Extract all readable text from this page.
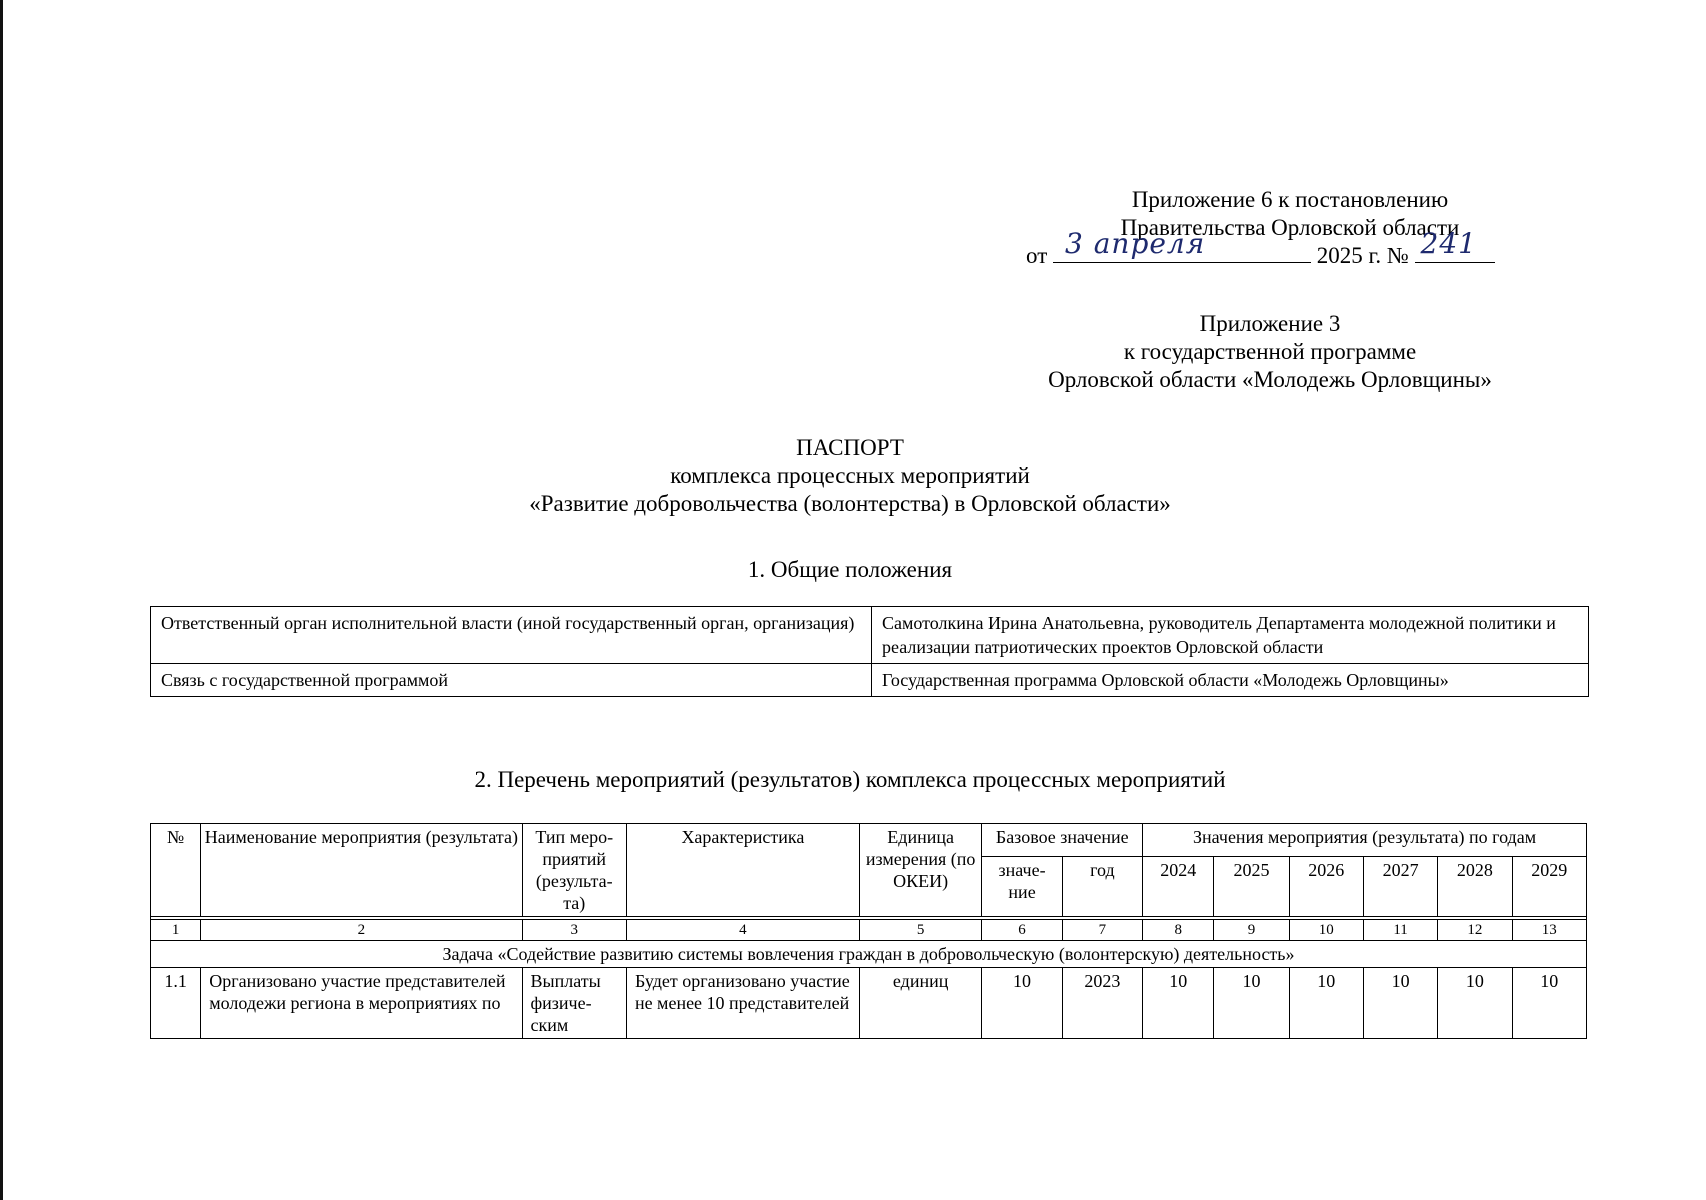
Приложение 6 к постановлению
Правительства Орловской области
от 3 апреля	2025 г. № 241
Приложение 3
к государственной программе
Орловской области «Молодежь Орловщины»
ПАСПОРТ
комплекса процессных мероприятий
«Развитие добровольчества (волонтерства) в Орловской области»
1. Общие положения
Ответственный орган исполнительной власти (иной государственный орган, организация)	Самотолкина Ирина Анатольевна, руководитель Департамента молодежной политики и реализации патриотических проектов Орловской области
Связь с государственной программой	Государственная программа Орловской области «Молодежь Орловщины»
2. Перечень мероприятий (результатов) комплекса процессных мероприятий
№	Наименование мероприятия (результата)	Тип меро-приятий (результа-та)	Характеристика	Единица измерения (по ОКЕИ)	Базовое значение		Значения мероприятия (результата) по годам					
					значе-ние	год	2024	2025	2026	2027	2028	2029

1	2	3	4	5	6	7	8	9	10	11	12	13
Задача «Содействие развитию системы вовлечения граждан в добровольческую (волонтерскую) деятельность»												
1.1	Организовано участие представителей молодежи региона в мероприятиях по	Выплаты физиче-ским	Будет организовано участие не менее 10 представителей	единиц	10	2023	10	10	10	10	10	10
